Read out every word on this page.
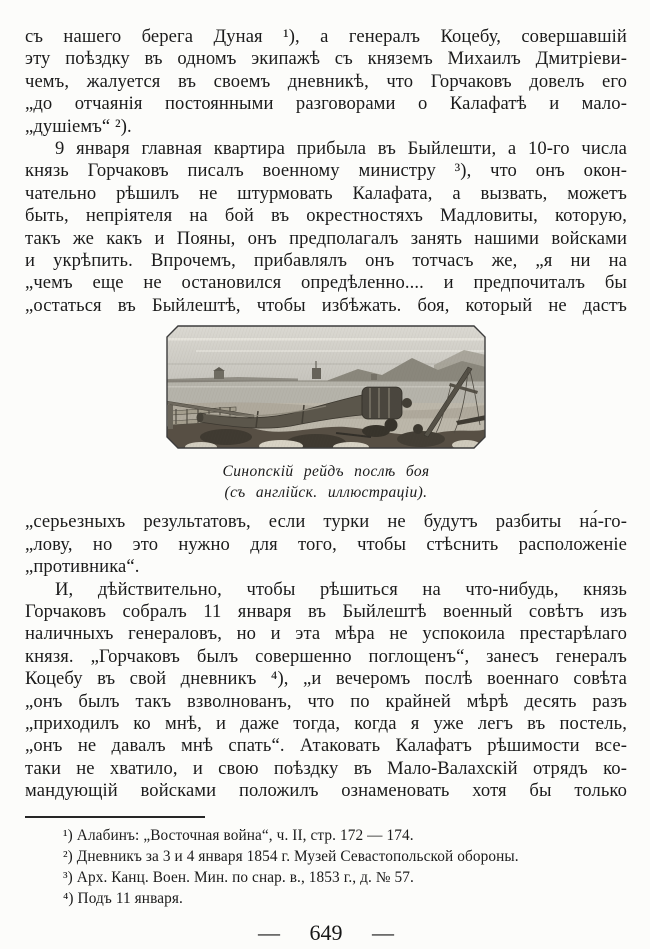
съ нашего берега Дуная ¹), а генералъ Коцебу, совершавшій
эту поѣздку въ одномъ экипажѣ съ княземъ Михаилъ Дмитріеви-
чемъ, жалуется въ своемъ дневникѣ, что Горчаковъ довелъ его
„до отчаянія постоянными разговорами о Калафатѣ и мало-
„душіемъ“ ²).

9 января главная квартира прибыла въ Быйлешти, а 10-го числа
князь Горчаковъ писалъ военному министру ³), что онъ окон-
чательно рѣшилъ не штурмовать Калафата, а вызвать, можетъ
быть, непріятеля на бой въ окрестностяхъ Мадловиты, которую,
такъ же какъ и Пояны, онъ предполагалъ занять нашими войсками
и укрѣпить. Впрочемъ, прибавлялъ онъ тотчасъ же, „я ни на
„чемъ еще не остановился опредѣленно.... и предпочиталъ бы
„остаться въ Быйлештѣ, чтобы избѣжать. боя, который не дастъ

Синопскій рейдъ послѣ боя
(съ англійск. иллюстраціи).

„серьезныхъ результатовъ, если турки не будутъ разбиты на́-го-
„лову, но это нужно для того, чтобы стѣснить расположеніе
„противника“.

И, дѣйствительно, чтобы рѣшиться на что-нибудь, князь
Горчаковъ собралъ 11 января въ Быйлештѣ военный совѣтъ изъ
наличныхъ генераловъ, но и эта мѣра не успокоила престарѣлаго
князя. „Горчаковъ былъ совершенно поглощенъ“, занесъ генералъ
Коцебу въ свой дневникъ ⁴), „и вечеромъ послѣ военнаго совѣта
„онъ былъ такъ взволнованъ, что по крайней мѣрѣ десять разъ
„приходилъ ко мнѣ, и даже тогда, когда я уже легъ въ постель,
„онъ не давалъ мнѣ спать“. Атаковать Калафатъ рѣшимости все-
таки не хватило, и свою поѣздку въ Мало-Валахскій отрядъ ко-
мандующій войсками положилъ ознаменовать хотя бы только

¹) Алабинъ: „Восточная война“, ч. II, стр. 172 — 174.
²) Дневникъ за 3 и 4 января 1854 г. Музей Севастопольской обороны.
³) Арх. Канц. Воен. Мин. по снар. в., 1853 г., д. № 57.
⁴) Подъ 11 января.
— 649 —
